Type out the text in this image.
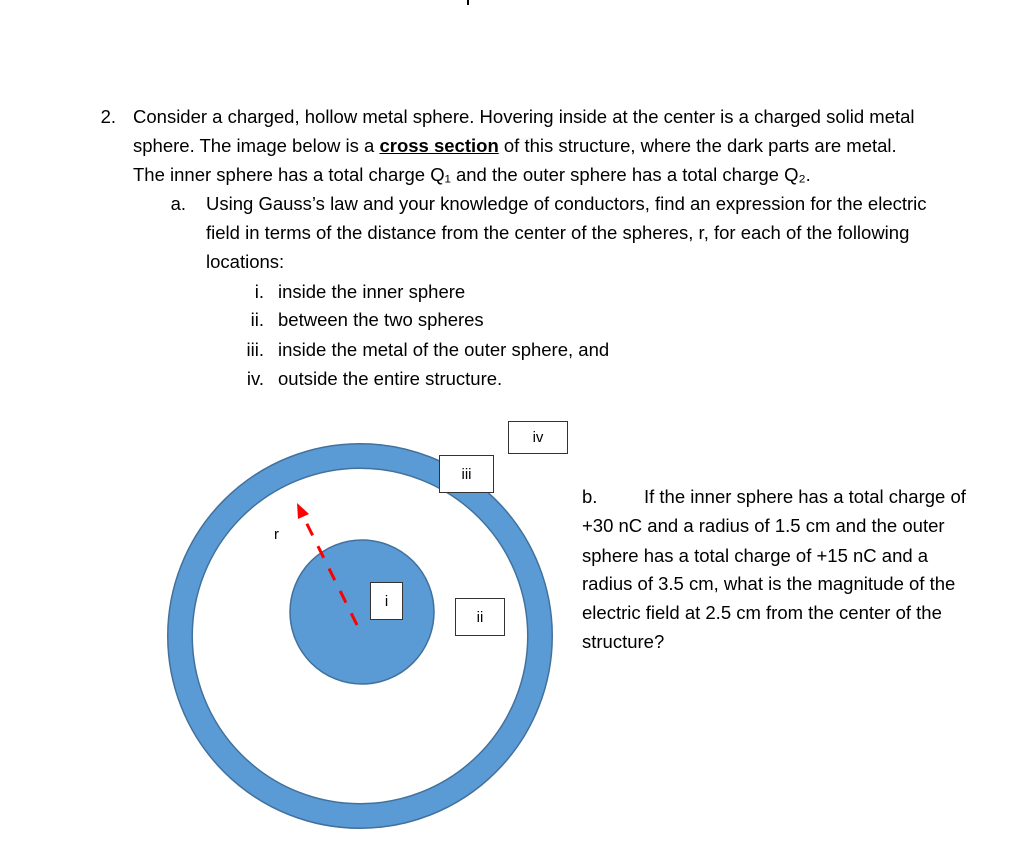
2. Consider a charged, hollow metal sphere. Hovering inside at the center is a charged solid metal
sphere. The image below is a cross section of this structure, where the dark parts are metal.
The inner sphere has a total charge Q₁ and the outer sphere has a total charge Q₂.
a. Using Gauss’s law and your knowledge of conductors, find an expression for the electric
field in terms of the distance from the center of the spheres, r, for each of the following
locations:
i. inside the inner sphere
ii. between the two spheres
iii. inside the metal of the outer sphere, and
iv. outside the entire structure.
r
iv
iii
i
ii
b.	If the inner sphere has a total charge of
+30 nC and a radius of 1.5 cm and the outer
sphere has a total charge of +15 nC and a
radius of 3.5 cm, what is the magnitude of the
electric field at 2.5 cm from the center of the
structure?
